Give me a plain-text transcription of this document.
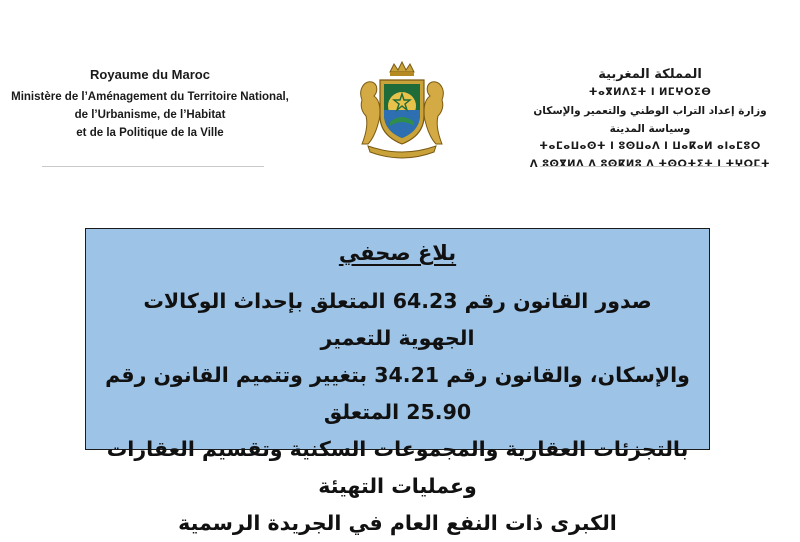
Royaume du Maroc
Ministère de l’Aménagement du Territoire National,
de l’Urbanisme, de l’Habitat
et de la Politique de la Ville
المملكة المغربية
ⵜⴰⴳⵍⴷⵉⵜ ⵏ ⵍⵎⵖⵔⵉⴱ
وزارة إعداد التراب الوطني والتعمير والإسكان وسياسة المدينة
ⵜⴰⵎⴰⵡⴰⵙⵜ ⵏ ⵓⵙⵡⴰⴷ ⵏ ⵡⴰⴽⴰⵍ ⴰⵏⴰⵎⵓⵔ
ⴷ ⵓⵙⴳⵍⴷ ⴷ ⵓⵙⴽⵍⵓ ⴷ ⵜⵙⵔⵜⵉⵜ ⵏ ⵜⵖⵔⵎⵜ
بلاغ صحفي
صدور القانون رقم 64.23 المتعلق بإحداث الوكالات الجهوية للتعمير
والإسكان، والقانون رقم 34.21 بتغيير وتتميم القانون رقم 25.90 المتعلق
بالتجزئات العقارية والمجموعات السكنية وتقسيم العقارات وعمليات التهيئة
الكبرى ذات النفع العام في الجريدة الرسمية
